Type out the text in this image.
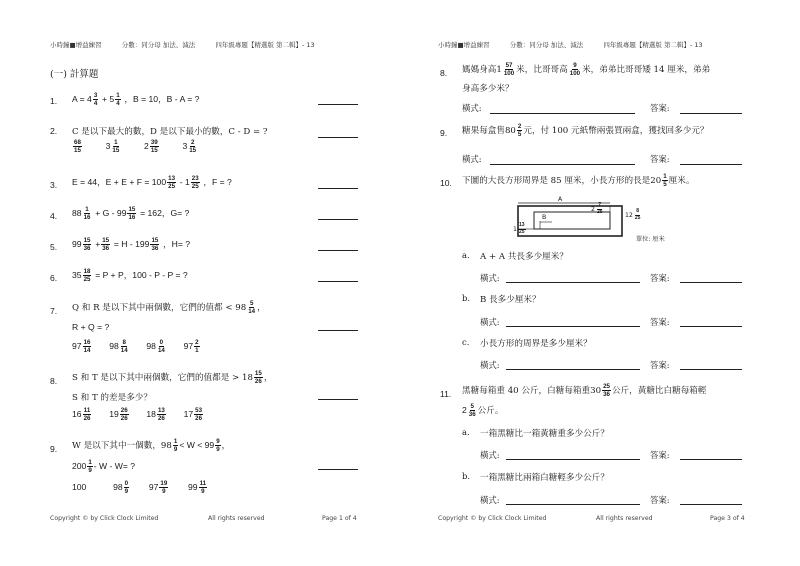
小時鐘■增益練習	分數：同分母 加法、減法	四年級專題【精選版 第二輯】- 13
(一) 計算題
1. $A = 4 \frac{3}{4} + 5 \frac{1}{4}$ ，B = 10，B - A = ?
2. C 是以下最大的數，D 是以下最小的數，C - D = ?
$\frac{68}{15}$	$3 \frac{1}{15}$	$2 \frac{39}{15}$	$3 \frac{2}{15}$
3. E = 44，$E + E + F = 100 \frac{13}{25} - 1 \frac{23}{25}$ ，F = ?
4. $88 \frac{1}{16} + G - 99 \frac{15}{16} = 162$，G= ?
5. $99 \frac{15}{36} + \frac{15}{36} = H - 199 \frac{15}{36}$ ，H= ?
6. $35 \frac{18}{25} = P + P$，100 - P - P = ?
7. Q 和 R 是以下其中兩個數，它們的值都 < $98 \frac{5}{14}$ ，
R + Q = ?
$97 \frac{16}{14} 98 \frac{8}{14} 98 \frac{0}{14} 97 \frac{2}{1}$
8. S 和 T 是以下其中兩個數，它們的值都是 > $18 \frac{15}{26}$ ，
S 和 T 的差是多少？
$16 \frac{11}{26} 19 \frac{26}{26} 18 \frac{13}{26} 17 \frac{53}{26}$
9. W 是以下其中一個數，$98 \frac{1}{9} < W < 99 \frac{9}{9}$ ，
$200 \frac{1}{9} - W - W=$ ?
100	$98 \frac{0}{9} 97 \frac{19}{9} 99 \frac{11}{9}$
Copyright © by Click Clock Limited	All rights reserved	Page 1 of 4
小時鐘■增益練習	分數：同分母 加法、減法	四年級專題【精選版 第二輯】- 13
8. 媽媽身高$1 \frac{57}{100}$ 米，比哥哥高 $\frac{9}{100}$ 米，弟弟比哥哥矮 14 厘米，弟弟
身高多少米？
橫式:	答案:
9. 糖果每盒售$80 \frac{2}{5}$ 元，付 100 元紙幣兩張買兩盒，獲找回多少元？
橫式:	答案:
10. 下圖的大長方形周界是 85 厘米，小長方形的長是$20 \frac{1}{5}$ 厘米。
A
B
$2 \frac{7}{25}$
$12 \frac{8}{25}$
$1 \frac{13}{25}$
單位: 厘米
a. A + A 共長多少厘米？
橫式:	答案:
b. B 長多少厘米？
橫式:	答案:
c. 小長方形的周界是多少厘米？
橫式:	答案:
11. 黑糖每箱重 40 公斤，白糖每箱重$30 \frac{25}{36}$ 公斤，黃糖比白糖每箱輕
$2 \frac{5}{36}$ 公斤。
a. 一箱黑糖比一箱黃糖重多少公斤？
橫式:	答案:
b. 一箱黑糖比兩箱白糖輕多少公斤？
橫式:	答案:
Copyright © by Click Clock Limited	All rights reserved	Page 3 of 4
